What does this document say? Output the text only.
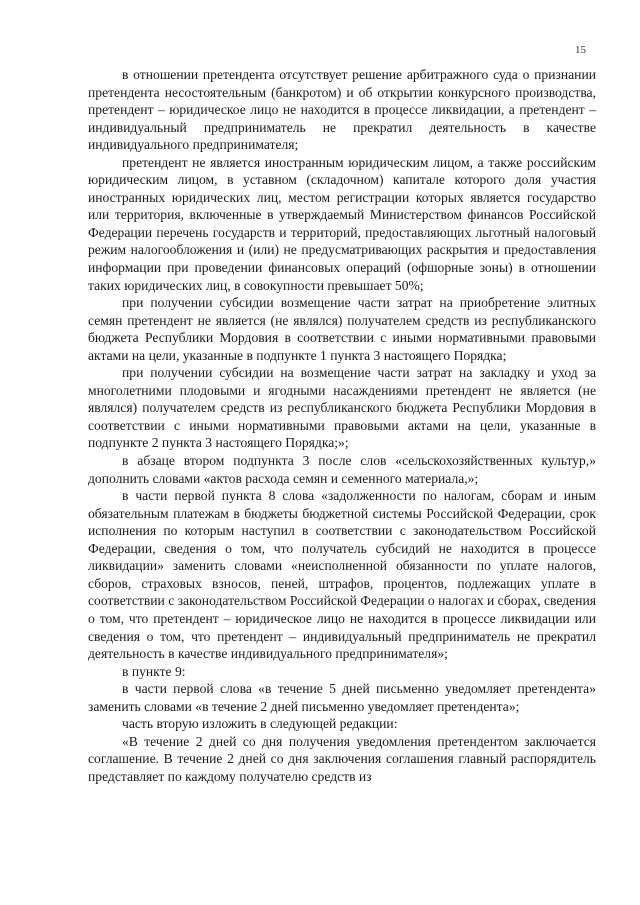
15

в отношении претендента отсутствует решение арбитражного суда о признании претендента несостоятельным (банкротом) и об открытии конкурсного производства, претендент – юридическое лицо не находится в процессе ликвидации, а претендент – индивидуальный предприниматель не прекратил деятельность в качестве индивидуального предпринимателя;

претендент не является иностранным юридическим лицом, а также российским юридическим лицом, в уставном (складочном) капитале которого доля участия иностранных юридических лиц, местом регистрации которых является государство или территория, включенные в утверждаемый Министерством финансов Российской Федерации перечень государств и территорий, предоставляющих льготный налоговый режим налогообложения и (или) не предусматривающих раскрытия и предоставления информации при проведении финансовых операций (офшорные зоны) в отношении таких юридических лиц, в совокупности превышает 50%;

при получении субсидии возмещение части затрат на приобретение элитных семян претендент не является (не являлся) получателем средств из республиканского бюджета Республики Мордовия в соответствии с иными нормативными правовыми актами на цели, указанные в подпункте 1 пункта 3 настоящего Порядка;

при получении субсидии на возмещение части затрат на закладку и уход за многолетними плодовыми и ягодными насаждениями претендент не является (не являлся) получателем средств из республиканского бюджета Республики Мордовия в соответствии с иными нормативными правовыми актами на цели, указанные в подпункте 2 пункта 3 настоящего Порядка;»;

в абзаце втором подпункта 3 после слов «сельскохозяйственных культур,» дополнить словами «актов расхода семян и семенного материала,»;

в части первой пункта 8 слова «задолженности по налогам, сборам и иным обязательным платежам в бюджеты бюджетной системы Российской Федерации, срок исполнения по которым наступил в соответствии с законодательством Российской Федерации, сведения о том, что получатель субсидий не находится в процессе ликвидации» заменить словами «неисполненной обязанности по уплате налогов, сборов, страховых взносов, пеней, штрафов, процентов, подлежащих уплате в соответствии с законодательством Российской Федерации о налогах и сборах, сведения о том, что претендент – юридическое лицо не находится в процессе ликвидации или сведения о том, что претендент – индивидуальный предприниматель не прекратил деятельность в качестве индивидуального предпринимателя»;

в пункте 9:

в части первой слова «в течение 5 дней письменно уведомляет претендента» заменить словами «в течение 2 дней письменно уведомляет претендента»;

часть вторую изложить в следующей редакции:

«В течение 2 дней со дня получения уведомления претендентом заключается соглашение. В течение 2 дней со дня заключения соглашения главный распорядитель представляет по каждому получателю средств из
